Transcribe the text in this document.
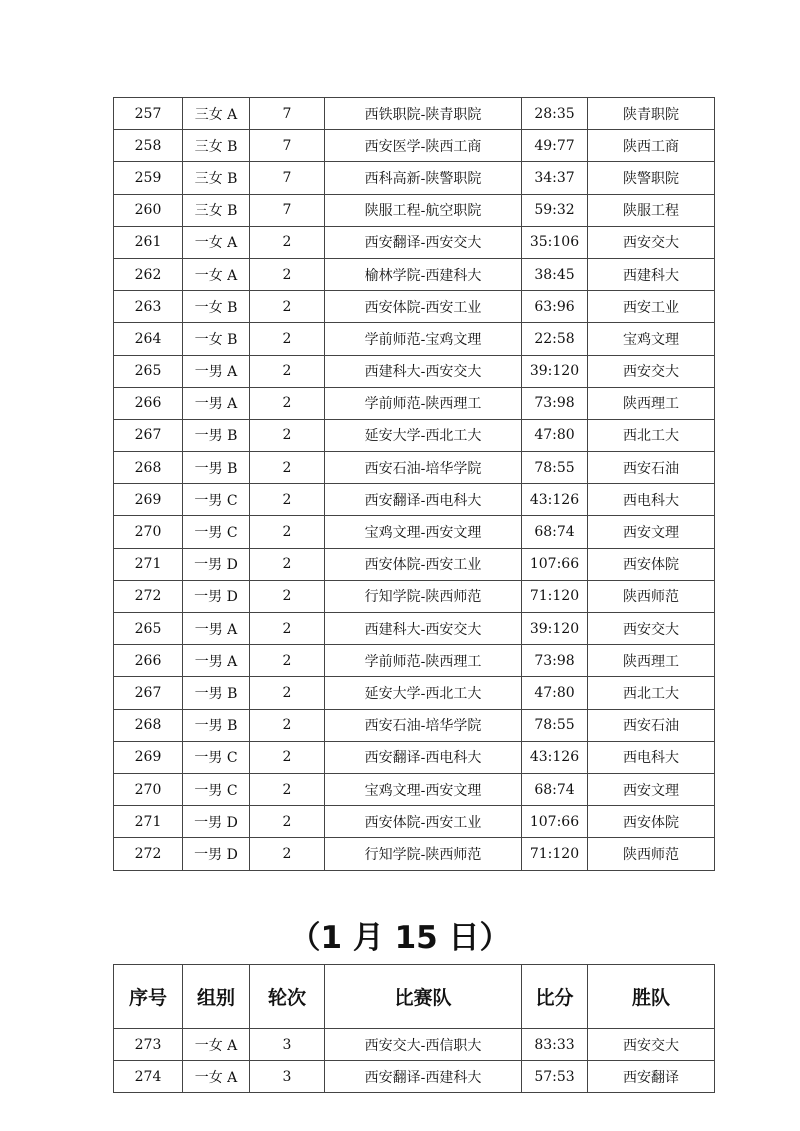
257	三女 A	7	西铁职院-陕青职院	28:35	陕青职院
258	三女 B	7	西安医学-陕西工商	49:77	陕西工商
259	三女 B	7	西科高新-陕警职院	34:37	陕警职院
260	三女 B	7	陕服工程-航空职院	59:32	陕服工程
261	一女 A	2	西安翻译-西安交大	35:106	西安交大
262	一女 A	2	榆林学院-西建科大	38:45	西建科大
263	一女 B	2	西安体院-西安工业	63:96	西安工业
264	一女 B	2	学前师范-宝鸡文理	22:58	宝鸡文理
265	一男 A	2	西建科大-西安交大	39:120	西安交大
266	一男 A	2	学前师范-陕西理工	73:98	陕西理工
267	一男 B	2	延安大学-西北工大	47:80	西北工大
268	一男 B	2	西安石油-培华学院	78:55	西安石油
269	一男 C	2	西安翻译-西电科大	43:126	西电科大
270	一男 C	2	宝鸡文理-西安文理	68:74	西安文理
271	一男 D	2	西安体院-西安工业	107:66	西安体院
272	一男 D	2	行知学院-陕西师范	71:120	陕西师范
265	一男 A	2	西建科大-西安交大	39:120	西安交大
266	一男 A	2	学前师范-陕西理工	73:98	陕西理工
267	一男 B	2	延安大学-西北工大	47:80	西北工大
268	一男 B	2	西安石油-培华学院	78:55	西安石油
269	一男 C	2	西安翻译-西电科大	43:126	西电科大
270	一男 C	2	宝鸡文理-西安文理	68:74	西安文理
271	一男 D	2	西安体院-西安工业	107:66	西安体院
272	一男 D	2	行知学院-陕西师范	71:120	陕西师范
（1 月 15 日）
序号	组别	轮次	比赛队	比分	胜队
273	一女 A	3	西安交大-西信职大	83:33	西安交大
274	一女 A	3	西安翻译-西建科大	57:53	西安翻译
